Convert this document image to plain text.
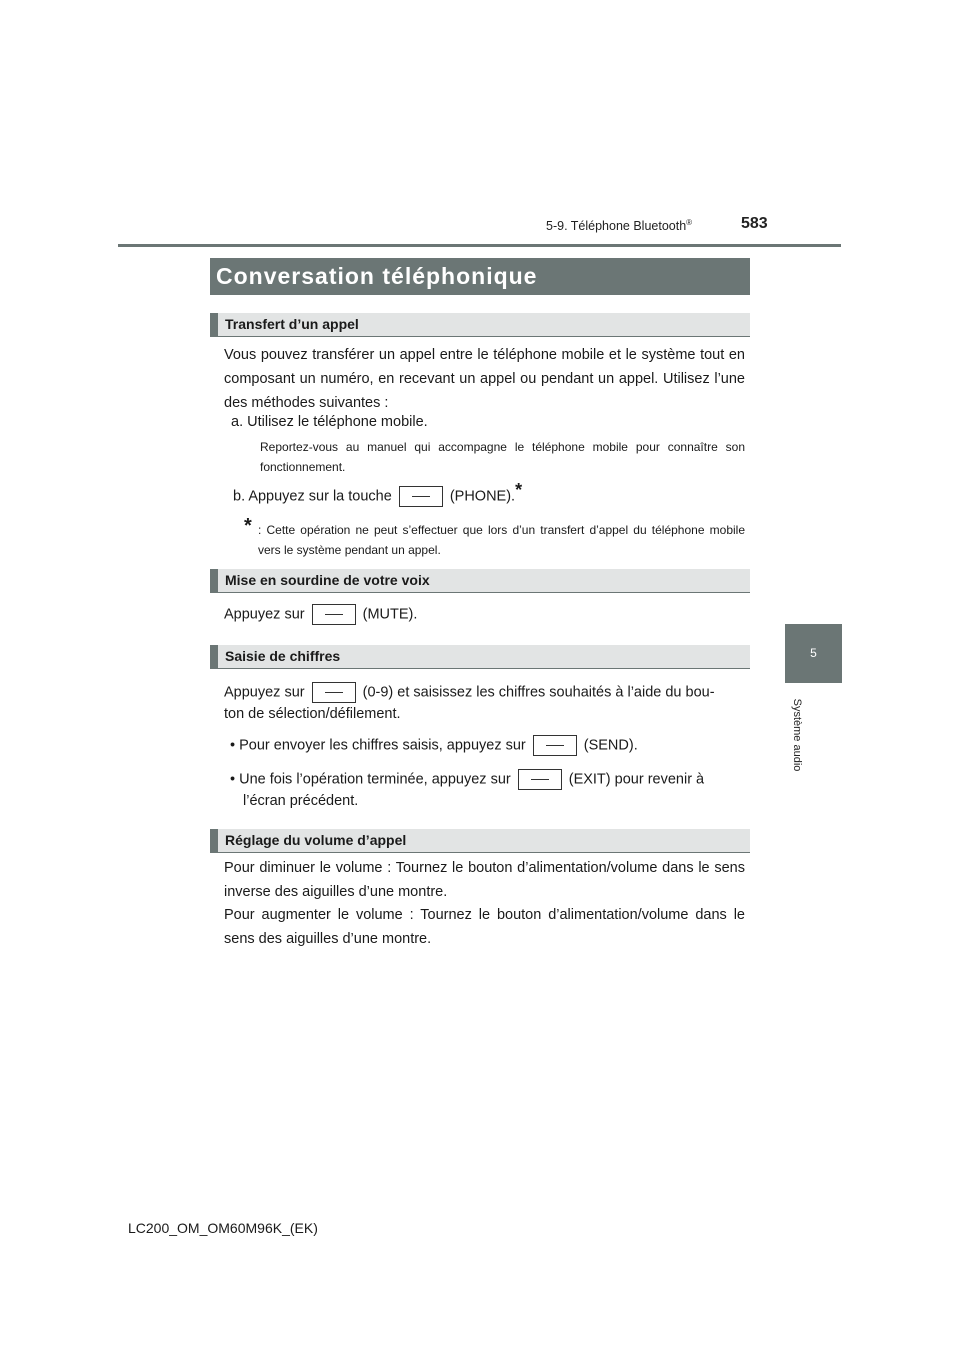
5-9. Téléphone Bluetooth®	583
5
Système audio
Conversation téléphonique
Transfert d’un appel
Vous pouvez transférer un appel entre le téléphone mobile et le système tout en composant un numéro, en recevant un appel ou pendant un appel. Utilisez l’une des méthodes suivantes :
a. Utilisez le téléphone mobile.
Reportez-vous au manuel qui accompagne le téléphone mobile pour connaître son fonctionnement.
b. Appuyez sur la touche	(PHONE).*
* : Cette opération ne peut s’effectuer que lors d’un transfert d’appel du téléphone mobile vers le système pendant un appel.
Mise en sourdine de votre voix
Appuyez sur	(MUTE).
Saisie de chiffres
Appuyez sur	(0-9) et saisissez les chiffres souhaités à l’aide du bou-
ton de sélection/défilement.
• Pour envoyer les chiffres saisis, appuyez sur	(SEND).
• Une fois l’opération terminée, appuyez sur	(EXIT) pour revenir à
l’écran précédent.
Réglage du volume d’appel
Pour diminuer le volume : Tournez le bouton d’alimentation/volume dans le sens inverse des aiguilles d’une montre.
Pour augmenter le volume : Tournez le bouton d’alimentation/volume dans le sens des aiguilles d’une montre.
LC200_OM_OM60M96K_(EK)
